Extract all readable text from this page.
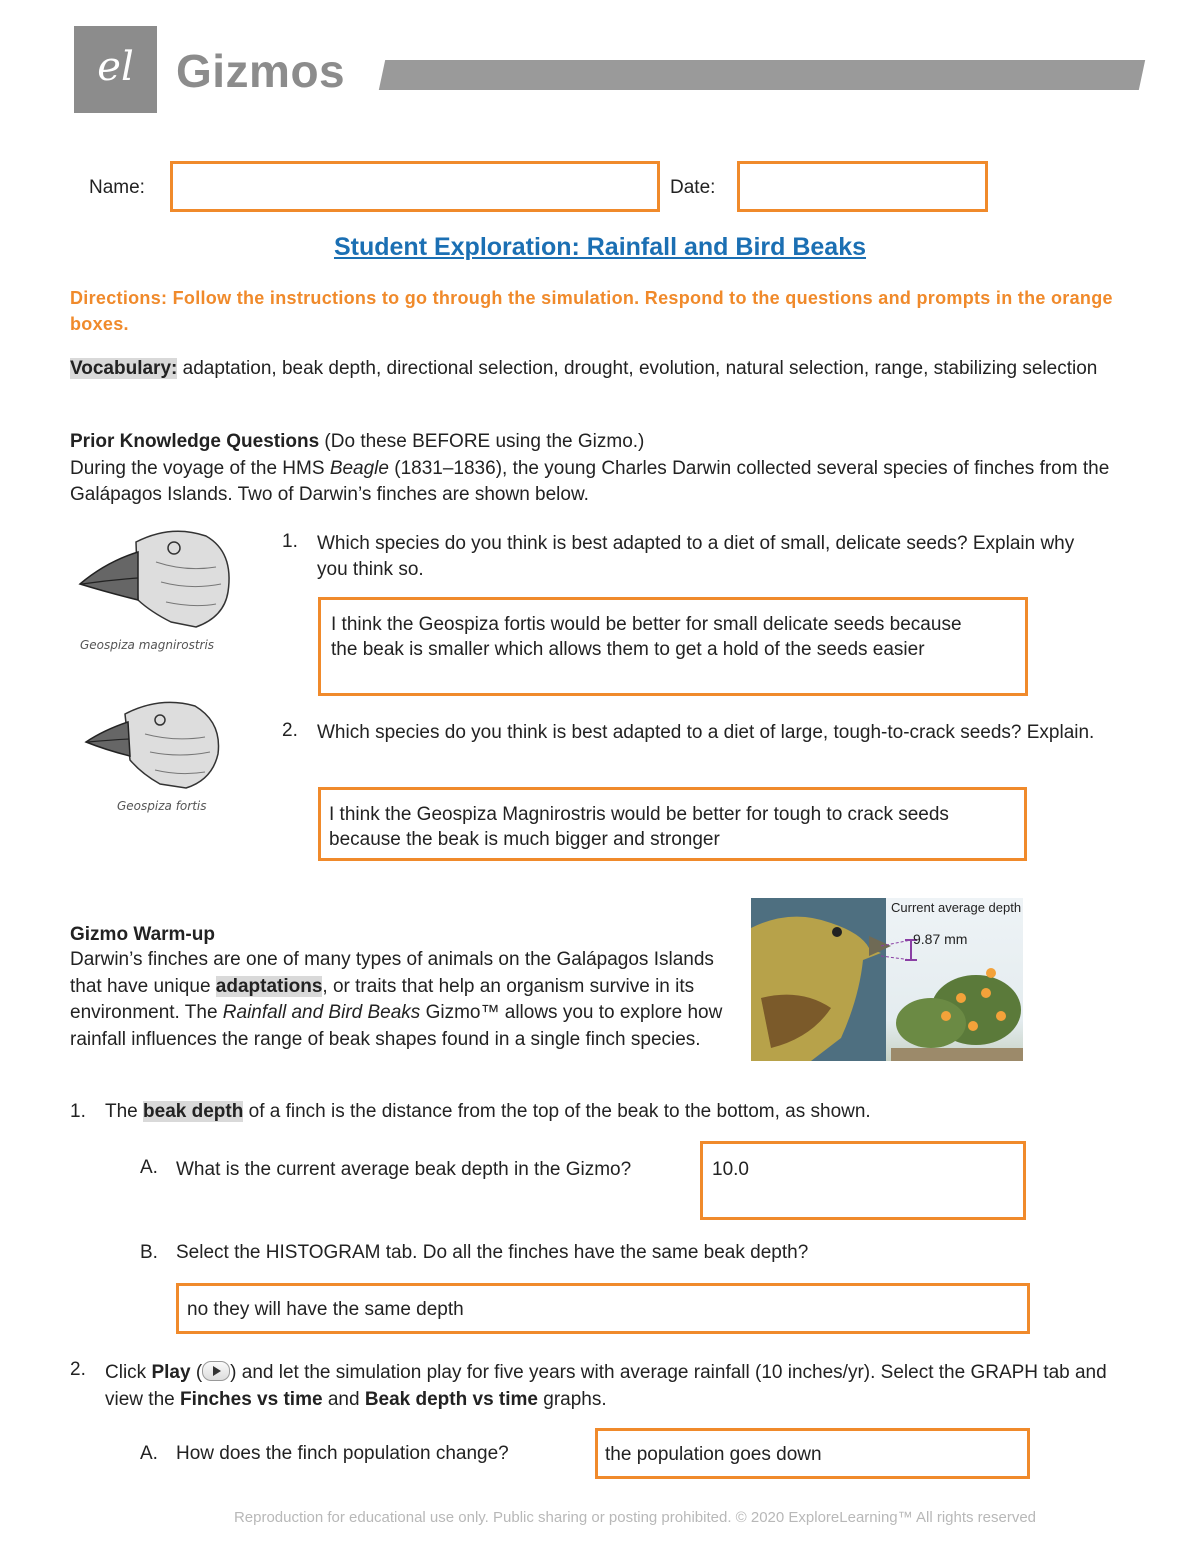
el Gizmos
Name:	Date:
Student Exploration: Rainfall and Bird Beaks
Directions: Follow the instructions to go through the simulation. Respond to the questions and prompts in the orange boxes.
Vocabulary: adaptation, beak depth, directional selection, drought, evolution, natural selection, range, stabilizing selection
Prior Knowledge Questions (Do these BEFORE using the Gizmo.)
During the voyage of the HMS Beagle (1831–1836), the young Charles Darwin collected several species of finches from the Galápagos Islands. Two of Darwin’s finches are shown below.
Geospiza magnirostris
Geospiza fortis
1. Which species do you think is best adapted to a diet of small, delicate seeds? Explain why you think so.
I think the Geospiza fortis would be better for small delicate seeds because the beak is smaller which allows them to get a hold of the seeds easier
2. Which species do you think is best adapted to a diet of large, tough-to-crack seeds? Explain.
I think the Geospiza Magnirostris would be better for tough to crack seeds because the beak is much bigger and stronger
Gizmo Warm-up
Darwin’s finches are one of many types of animals on the Galápagos Islands that have unique adaptations, or traits that help an organism survive in its environment. The Rainfall and Bird Beaks Gizmo™ allows you to explore how rainfall influences the range of beak shapes found in a single finch species.
Current average depth
9.87 mm
1. The beak depth of a finch is the distance from the top of the beak to the bottom, as shown.
A. What is the current average beak depth in the Gizmo?	10.0
B. Select the HISTOGRAM tab. Do all the finches have the same beak depth?
no they will have the same depth
2. Click Play ( ) and let the simulation play for five years with average rainfall (10 inches/yr). Select the GRAPH tab and view the Finches vs time and Beak depth vs time graphs.
A. How does the finch population change?	the population goes down
Reproduction for educational use only. Public sharing or posting prohibited. © 2020 ExploreLearning™ All rights reserved
